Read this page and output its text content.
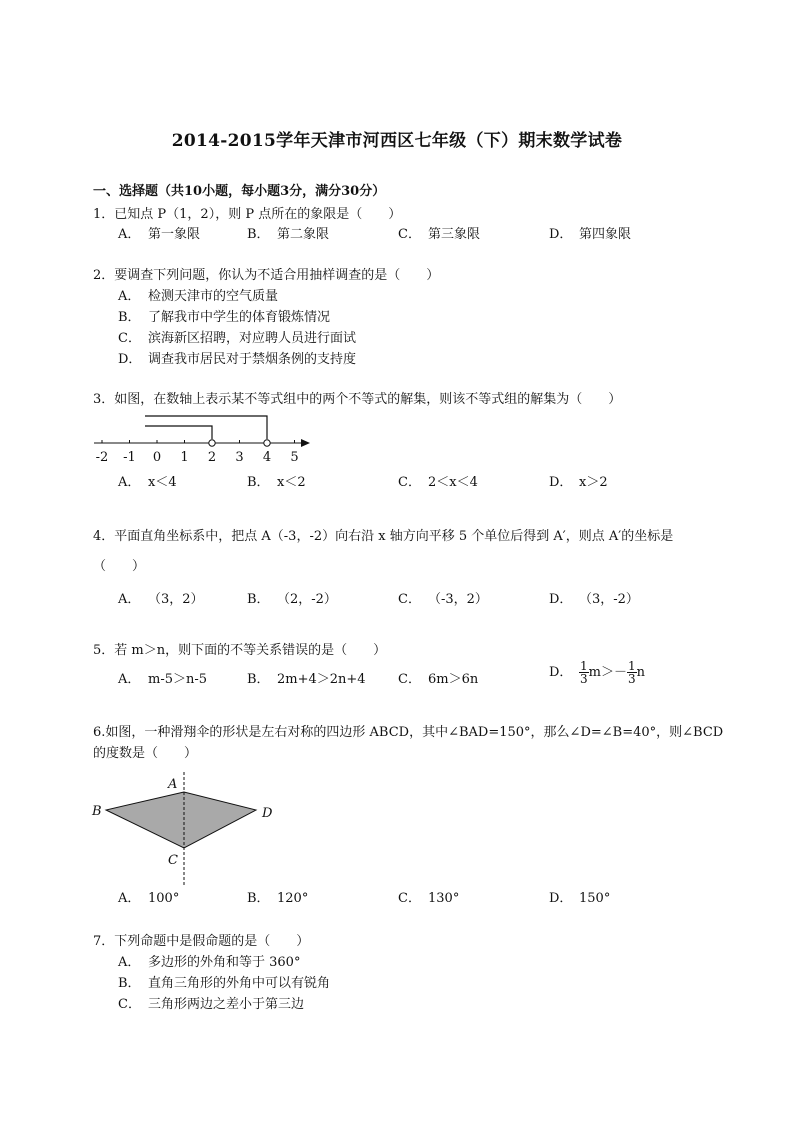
2014-2015学年天津市河西区七年级（下）期末数学试卷
一、选择题（共10小题，每小题3分，满分30分）
1．已知点 P（1，2），则 P 点所在的象限是（　　）
A． 第一象限	B． 第二象限	C． 第三象限	D． 第四象限
2．要调查下列问题，你认为不适合用抽样调查的是（　　）
A． 检测天津市的空气质量
B． 了解我市中学生的体育锻炼情况
C． 滨海新区招聘，对应聘人员进行面试
D． 调查我市居民对于禁烟条例的支持度
3．如图，在数轴上表示某不等式组中的两个不等式的解集，则该不等式组的解集为（　　）
-2 -1 0 1 2 3 4 5
A． x＜4	B． x＜2	C． 2＜x＜4	D． x＞2
4．平面直角坐标系中，把点 A（-3，-2）向右沿 x 轴方向平移 5 个单位后得到 A′，则点 A′的坐标是
（　　）
A． （3，2）	B． （2，-2）	C． （-3，2）	D． （3，-2）
5．若 m＞n，则下面的不等关系错误的是（　　）
A． m-5＞n-5	B． 2m+4＞2n+4 C． 6m＞6n	D． $\frac{1}{3} m>- \frac{1}{3}$ n
6.如图，一种滑翔伞的形状是左右对称的四边形 ABCD，其中∠BAD=150°，那么∠D=∠B=40°，则∠BCD
的度数是（　　）
A
B
C
D
A． 100°	B． 120°	C． 130°	D． 150°
7．下列命题中是假命题的是（　　）
A． 多边形的外角和等于 360°
B． 直角三角形的外角中可以有锐角
C． 三角形两边之差小于第三边
